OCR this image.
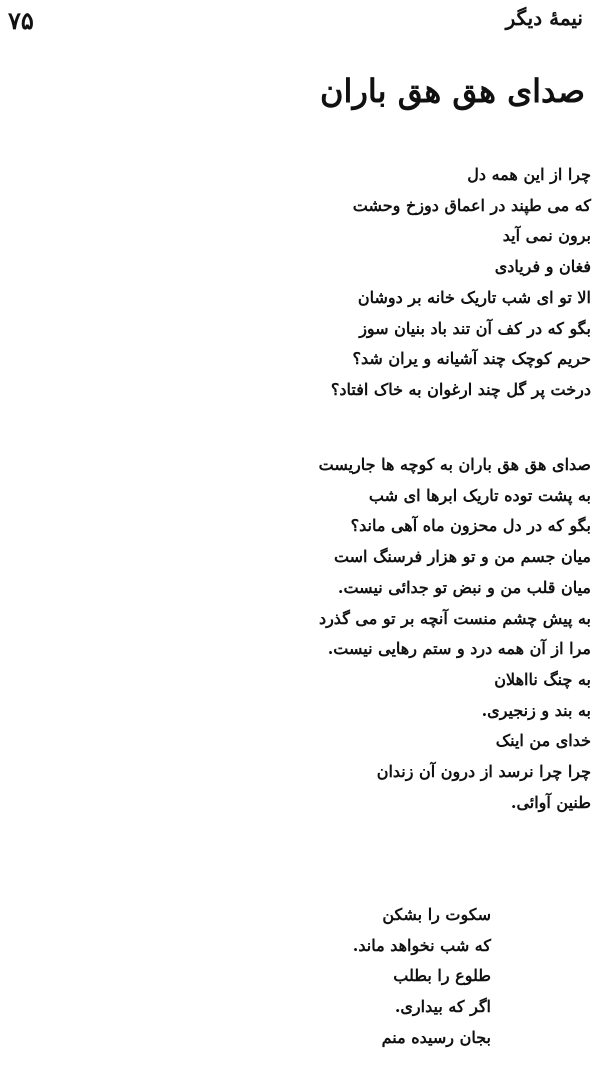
نیمهٔ دیگر
۷۵
صدای هق هق باران
چرا از این همه دل
که می طپند در اعماق دوزخ وحشت
برون نمی آید
فغان و فریادی
الا تو ای شب تاریک خانه بر دوشان
بگو که در کف آن تند باد بنیان سوز
حریم کوچک چند آشیانه و یران شد؟
درخت پر گل چند ارغوان به خاک افتاد؟
صدای هق هق باران به کوچه ها جاریست
به پشت توده تاریک ابرها ای شب
بگو که در دل محزون ماه آهی ماند؟
میان جسم من و تو هزار فرسنگ است
میان قلب من و نبض تو جدائی نیست.
به پیش چشم منست آنچه بر تو می گذرد
مرا از آن همه درد و ستم رهایی نیست.
به چنگ نااهلان
به بند و زنجیری.
خدای من اینک
چرا چرا نرسد از درون آن زندان
طنین آوائی.
سکوت را بشکن
که شب نخواهد ماند.
طلوع را بطلب
اگر که بیداری.
بجان رسیده منم
